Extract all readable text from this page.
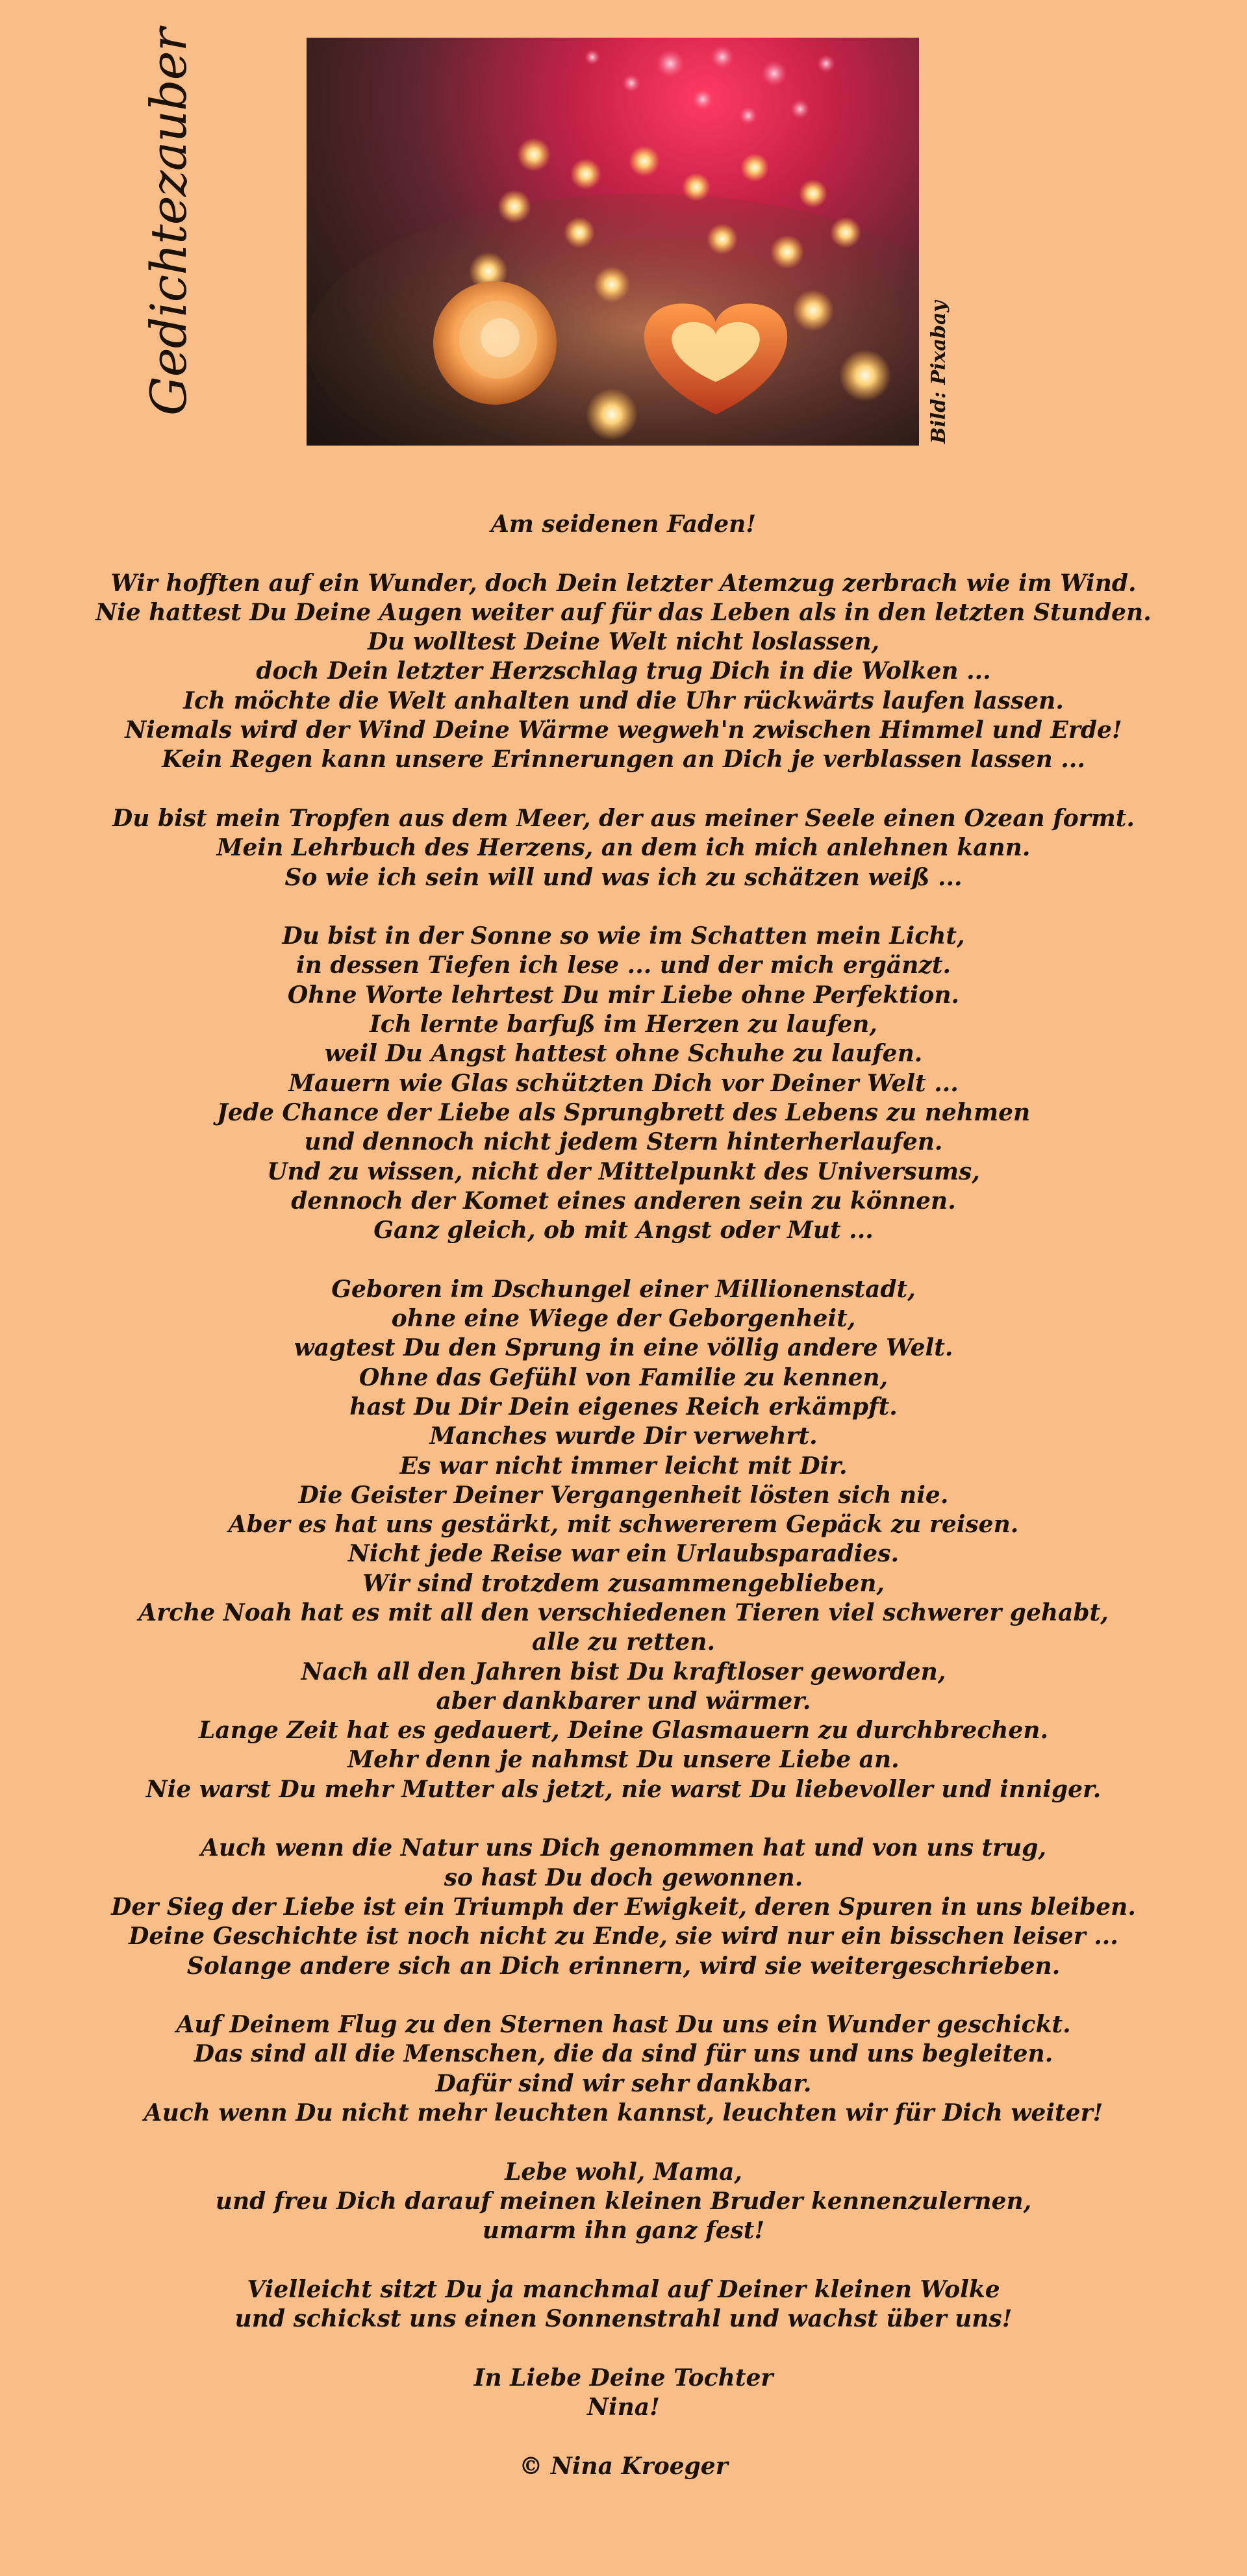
Gedichtezauber	Bild: Pixabay
Am seidenen Faden!
Wir hofften auf ein Wunder, doch Dein letzter Atemzug zerbrach wie im Wind.
Nie hattest Du Deine Augen weiter auf für das Leben als in den letzten Stunden.
Du wolltest Deine Welt nicht loslassen,
doch Dein letzter Herzschlag trug Dich in die Wolken ...
Ich möchte die Welt anhalten und die Uhr rückwärts laufen lassen.
Niemals wird der Wind Deine Wärme wegweh'n zwischen Himmel und Erde!
Kein Regen kann unsere Erinnerungen an Dich je verblassen lassen ...
Du bist mein Tropfen aus dem Meer, der aus meiner Seele einen Ozean formt.
Mein Lehrbuch des Herzens, an dem ich mich anlehnen kann.
So wie ich sein will und was ich zu schätzen weiß ...
Du bist in der Sonne so wie im Schatten mein Licht,
in dessen Tiefen ich lese ... und der mich ergänzt.
Ohne Worte lehrtest Du mir Liebe ohne Perfektion.
Ich lernte barfuß im Herzen zu laufen,
weil Du Angst hattest ohne Schuhe zu laufen.
Mauern wie Glas schützten Dich vor Deiner Welt ...
Jede Chance der Liebe als Sprungbrett des Lebens zu nehmen
und dennoch nicht jedem Stern hinterherlaufen.
Und zu wissen, nicht der Mittelpunkt des Universums,
dennoch der Komet eines anderen sein zu können.
Ganz gleich, ob mit Angst oder Mut ...
Geboren im Dschungel einer Millionenstadt,
ohne eine Wiege der Geborgenheit,
wagtest Du den Sprung in eine völlig andere Welt.
Ohne das Gefühl von Familie zu kennen,
hast Du Dir Dein eigenes Reich erkämpft.
Manches wurde Dir verwehrt.
Es war nicht immer leicht mit Dir.
Die Geister Deiner Vergangenheit lösten sich nie.
Aber es hat uns gestärkt, mit schwererem Gepäck zu reisen.
Nicht jede Reise war ein Urlaubsparadies.
Wir sind trotzdem zusammengeblieben,
Arche Noah hat es mit all den verschiedenen Tieren viel schwerer gehabt,
alle zu retten.
Nach all den Jahren bist Du kraftloser geworden,
aber dankbarer und wärmer.
Lange Zeit hat es gedauert, Deine Glasmauern zu durchbrechen.
Mehr denn je nahmst Du unsere Liebe an.
Nie warst Du mehr Mutter als jetzt, nie warst Du liebevoller und inniger.
Auch wenn die Natur uns Dich genommen hat und von uns trug,
so hast Du doch gewonnen.
Der Sieg der Liebe ist ein Triumph der Ewigkeit, deren Spuren in uns bleiben.
Deine Geschichte ist noch nicht zu Ende, sie wird nur ein bisschen leiser ...
Solange andere sich an Dich erinnern, wird sie weitergeschrieben.
Auf Deinem Flug zu den Sternen hast Du uns ein Wunder geschickt.
Das sind all die Menschen, die da sind für uns und uns begleiten.
Dafür sind wir sehr dankbar.
Auch wenn Du nicht mehr leuchten kannst, leuchten wir für Dich weiter!
Lebe wohl, Mama,
und freu Dich darauf meinen kleinen Bruder kennenzulernen,
umarm ihn ganz fest!
Vielleicht sitzt Du ja manchmal auf Deiner kleinen Wolke
und schickst uns einen Sonnenstrahl und wachst über uns!
In Liebe Deine Tochter
Nina!
© Nina Kroeger
